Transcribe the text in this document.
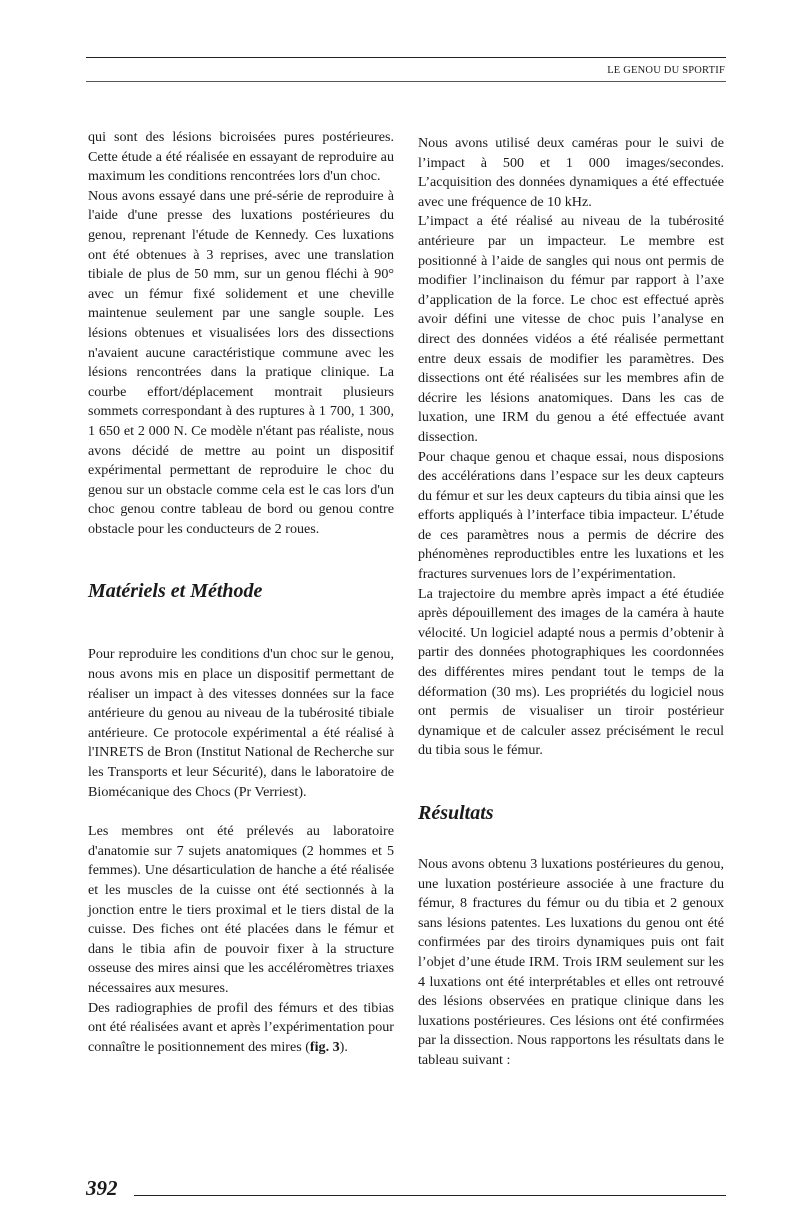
LE GENOU DU SPORTIF

qui sont des lésions bicroisées pures postérieures. Cette étude a été réalisée en essayant de reproduire au maximum les conditions rencontrées lors d'un choc.

Nous avons essayé dans une pré-série de reproduire à l'aide d'une presse des luxations postérieures du genou, reprenant l'étude de Kennedy. Ces luxations ont été obtenues à 3 reprises, avec une translation tibiale de plus de 50 mm, sur un genou fléchi à 90° avec un fémur fixé solidement et une cheville maintenue seulement par une sangle souple. Les lésions obtenues et visualisées lors des dissections n'avaient aucune caractéristique commune avec les lésions rencontrées dans la pratique clinique. La courbe effort/déplacement montrait plusieurs sommets correspondant à des ruptures à 1 700, 1 300, 1 650 et 2 000 N. Ce modèle n'étant pas réaliste, nous avons décidé de mettre au point un dispositif expérimental permettant de reproduire le choc du genou sur un obstacle comme cela est le cas lors d'un choc genou contre tableau de bord ou genou contre obstacle pour les conducteurs de 2 roues.

Matériels et Méthode

Pour reproduire les conditions d'un choc sur le genou, nous avons mis en place un dispositif permettant de réaliser un impact à des vitesses données sur la face antérieure du genou au niveau de la tubérosité tibiale antérieure. Ce protocole expérimental a été réalisé à l'INRETS de Bron (Institut National de Recherche sur les Transports et leur Sécurité), dans le laboratoire de Biomécanique des Chocs (Pr Verriest).

Les membres ont été prélevés au laboratoire d'anatomie sur 7 sujets anatomiques (2 hommes et 5 femmes). Une désarticulation de hanche a été réalisée et les muscles de la cuisse ont été sectionnés à la jonction entre le tiers proximal et le tiers distal de la cuisse. Des fiches ont été placées dans le fémur et dans le tibia afin de pouvoir fixer à la structure osseuse des mires ainsi que les accéléromètres triaxes nécessaires aux mesures.

Des radiographies de profil des fémurs et des tibias ont été réalisées avant et après l’expérimentation pour connaître le positionnement des mires (fig. 3).

Nous avons utilisé deux caméras pour le suivi de l’impact à 500 et 1 000 images/secondes. L’acquisition des données dynamiques a été effectuée avec une fréquence de 10 kHz.

L’impact a été réalisé au niveau de la tubérosité antérieure par un impacteur. Le membre est positionné à l’aide de sangles qui nous ont permis de modifier l’inclinaison du fémur par rapport à l’axe d’application de la force. Le choc est effectué après avoir défini une vitesse de choc puis l’analyse en direct des données vidéos a été réalisée permettant entre deux essais de modifier les paramètres. Des dissections ont été réalisées sur les membres afin de décrire les lésions anatomiques. Dans les cas de luxation, une IRM du genou a été effectuée avant dissection.

Pour chaque genou et chaque essai, nous disposions des accélérations dans l’espace sur les deux capteurs du fémur et sur les deux capteurs du tibia ainsi que les efforts appliqués à l’interface tibia impacteur. L’étude de ces paramètres nous a permis de décrire des phénomènes reproductibles entre les luxations et les fractures survenues lors de l’expérimentation.

La trajectoire du membre après impact a été étudiée après dépouillement des images de la caméra à haute vélocité. Un logiciel adapté nous a permis d’obtenir à partir des données photographiques les coordonnées des différentes mires pendant tout le temps de la déformation (30 ms). Les propriétés du logiciel nous ont permis de visualiser un tiroir postérieur dynamique et de calculer assez précisément le recul du tibia sous le fémur.

Résultats

Nous avons obtenu 3 luxations postérieures du genou, une luxation postérieure associée à une fracture du fémur, 8 fractures du fémur ou du tibia et 2 genoux sans lésions patentes. Les luxations du genou ont été confirmées par des tiroirs dynamiques puis ont fait l’objet d’une étude IRM. Trois IRM seulement sur les 4 luxations ont été interprétables et elles ont retrouvé des lésions observées en pratique clinique dans les luxations postérieures. Ces lésions ont été confirmées par la dissection. Nous rapportons les résultats dans le tableau suivant :

392
